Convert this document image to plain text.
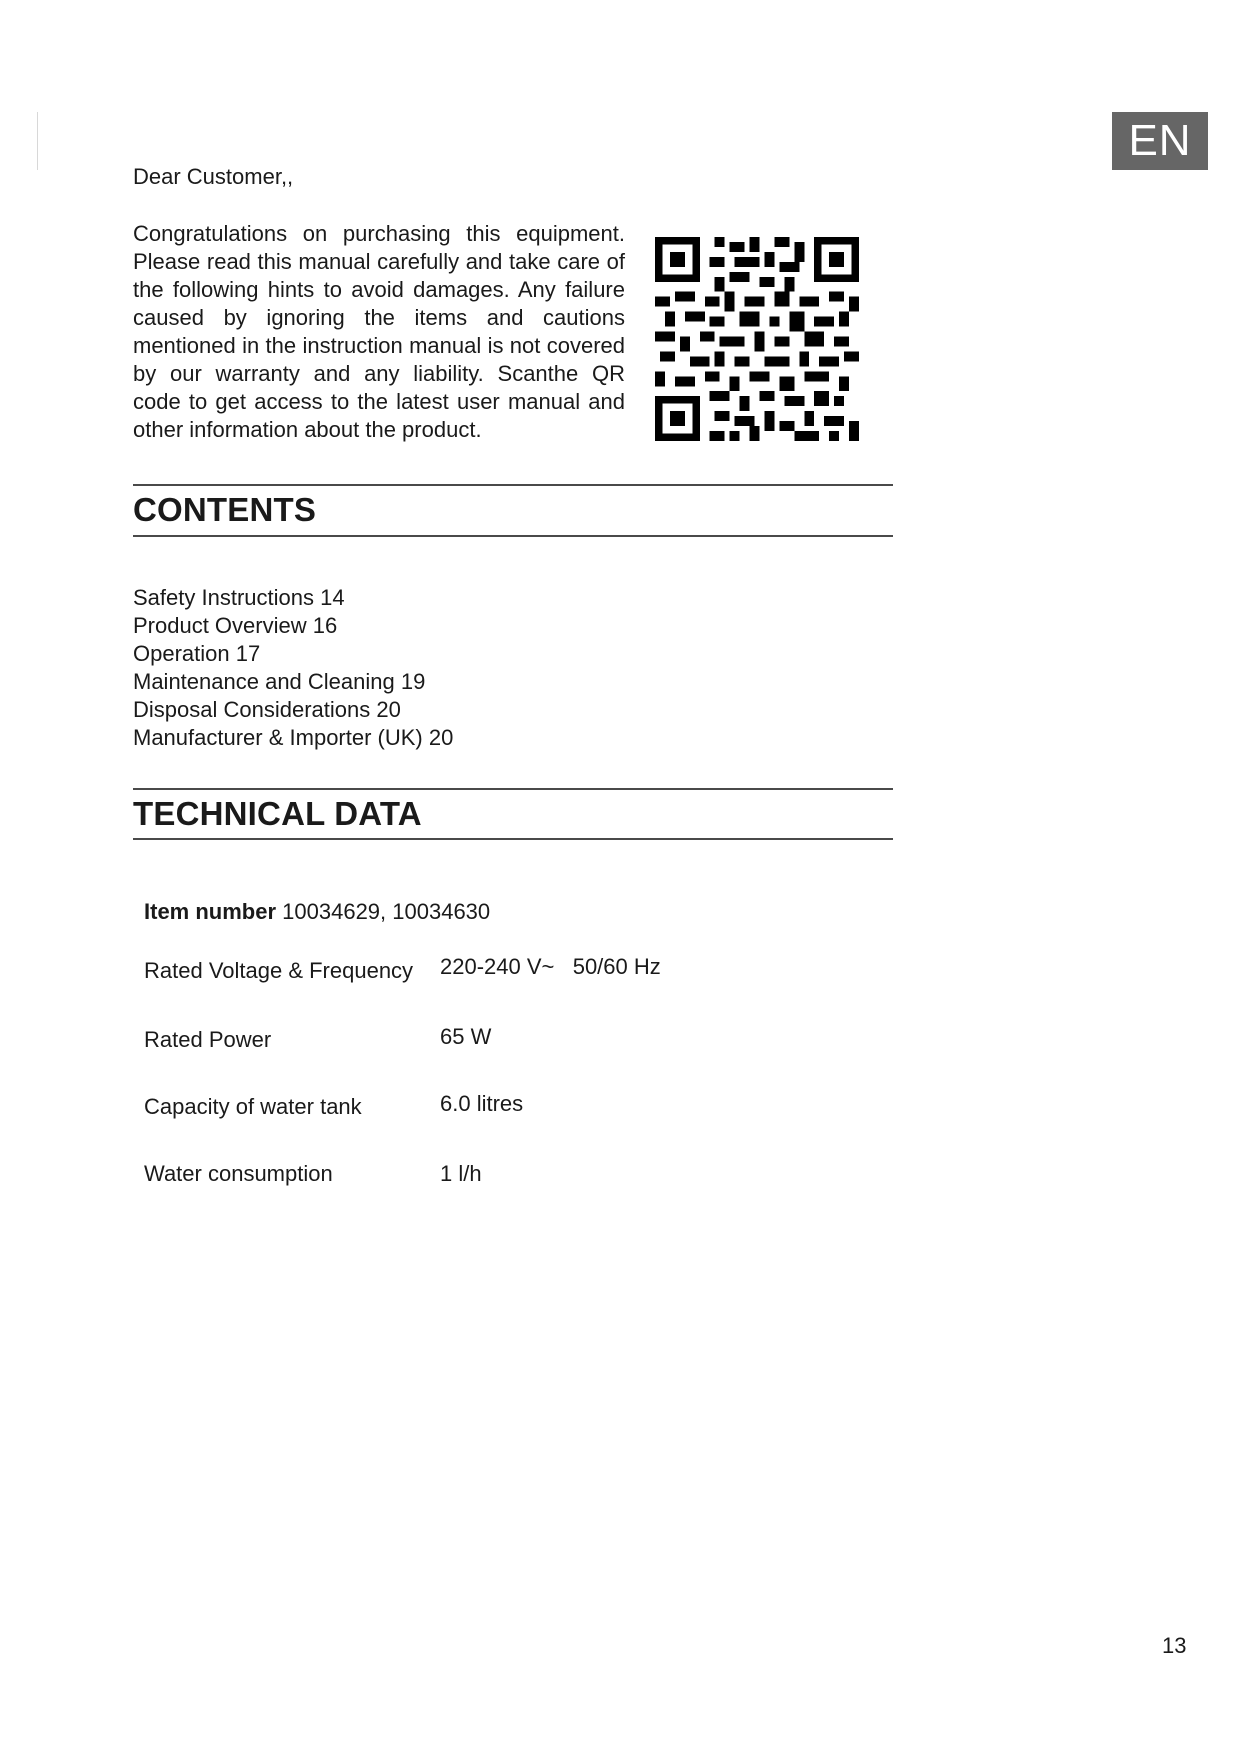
EN
Dear Customer,,

Congratulations on purchasing this equipment. Please read this manual carefully and take care of the following hints to avoid damages. Any failure caused by ignoring the items and cautions mentioned in the instruction manual is not covered by our warranty and any liability. Scanthe QR code to get access to the latest user manual and other information about the product.

CONTENTS
Safety Instructions 14
Product Overview 16
Operation 17
Maintenance and Cleaning 19
Disposal Considerations 20
Manufacturer & Importer (UK) 20
TECHNICAL DATA
Item number 10034629, 10034630
Rated Voltage & Frequency 220-240 V~   50/60 Hz
Rated Power	65 W
Capacity of water tank	6.0 litres
Water consumption	1 l/h
13
